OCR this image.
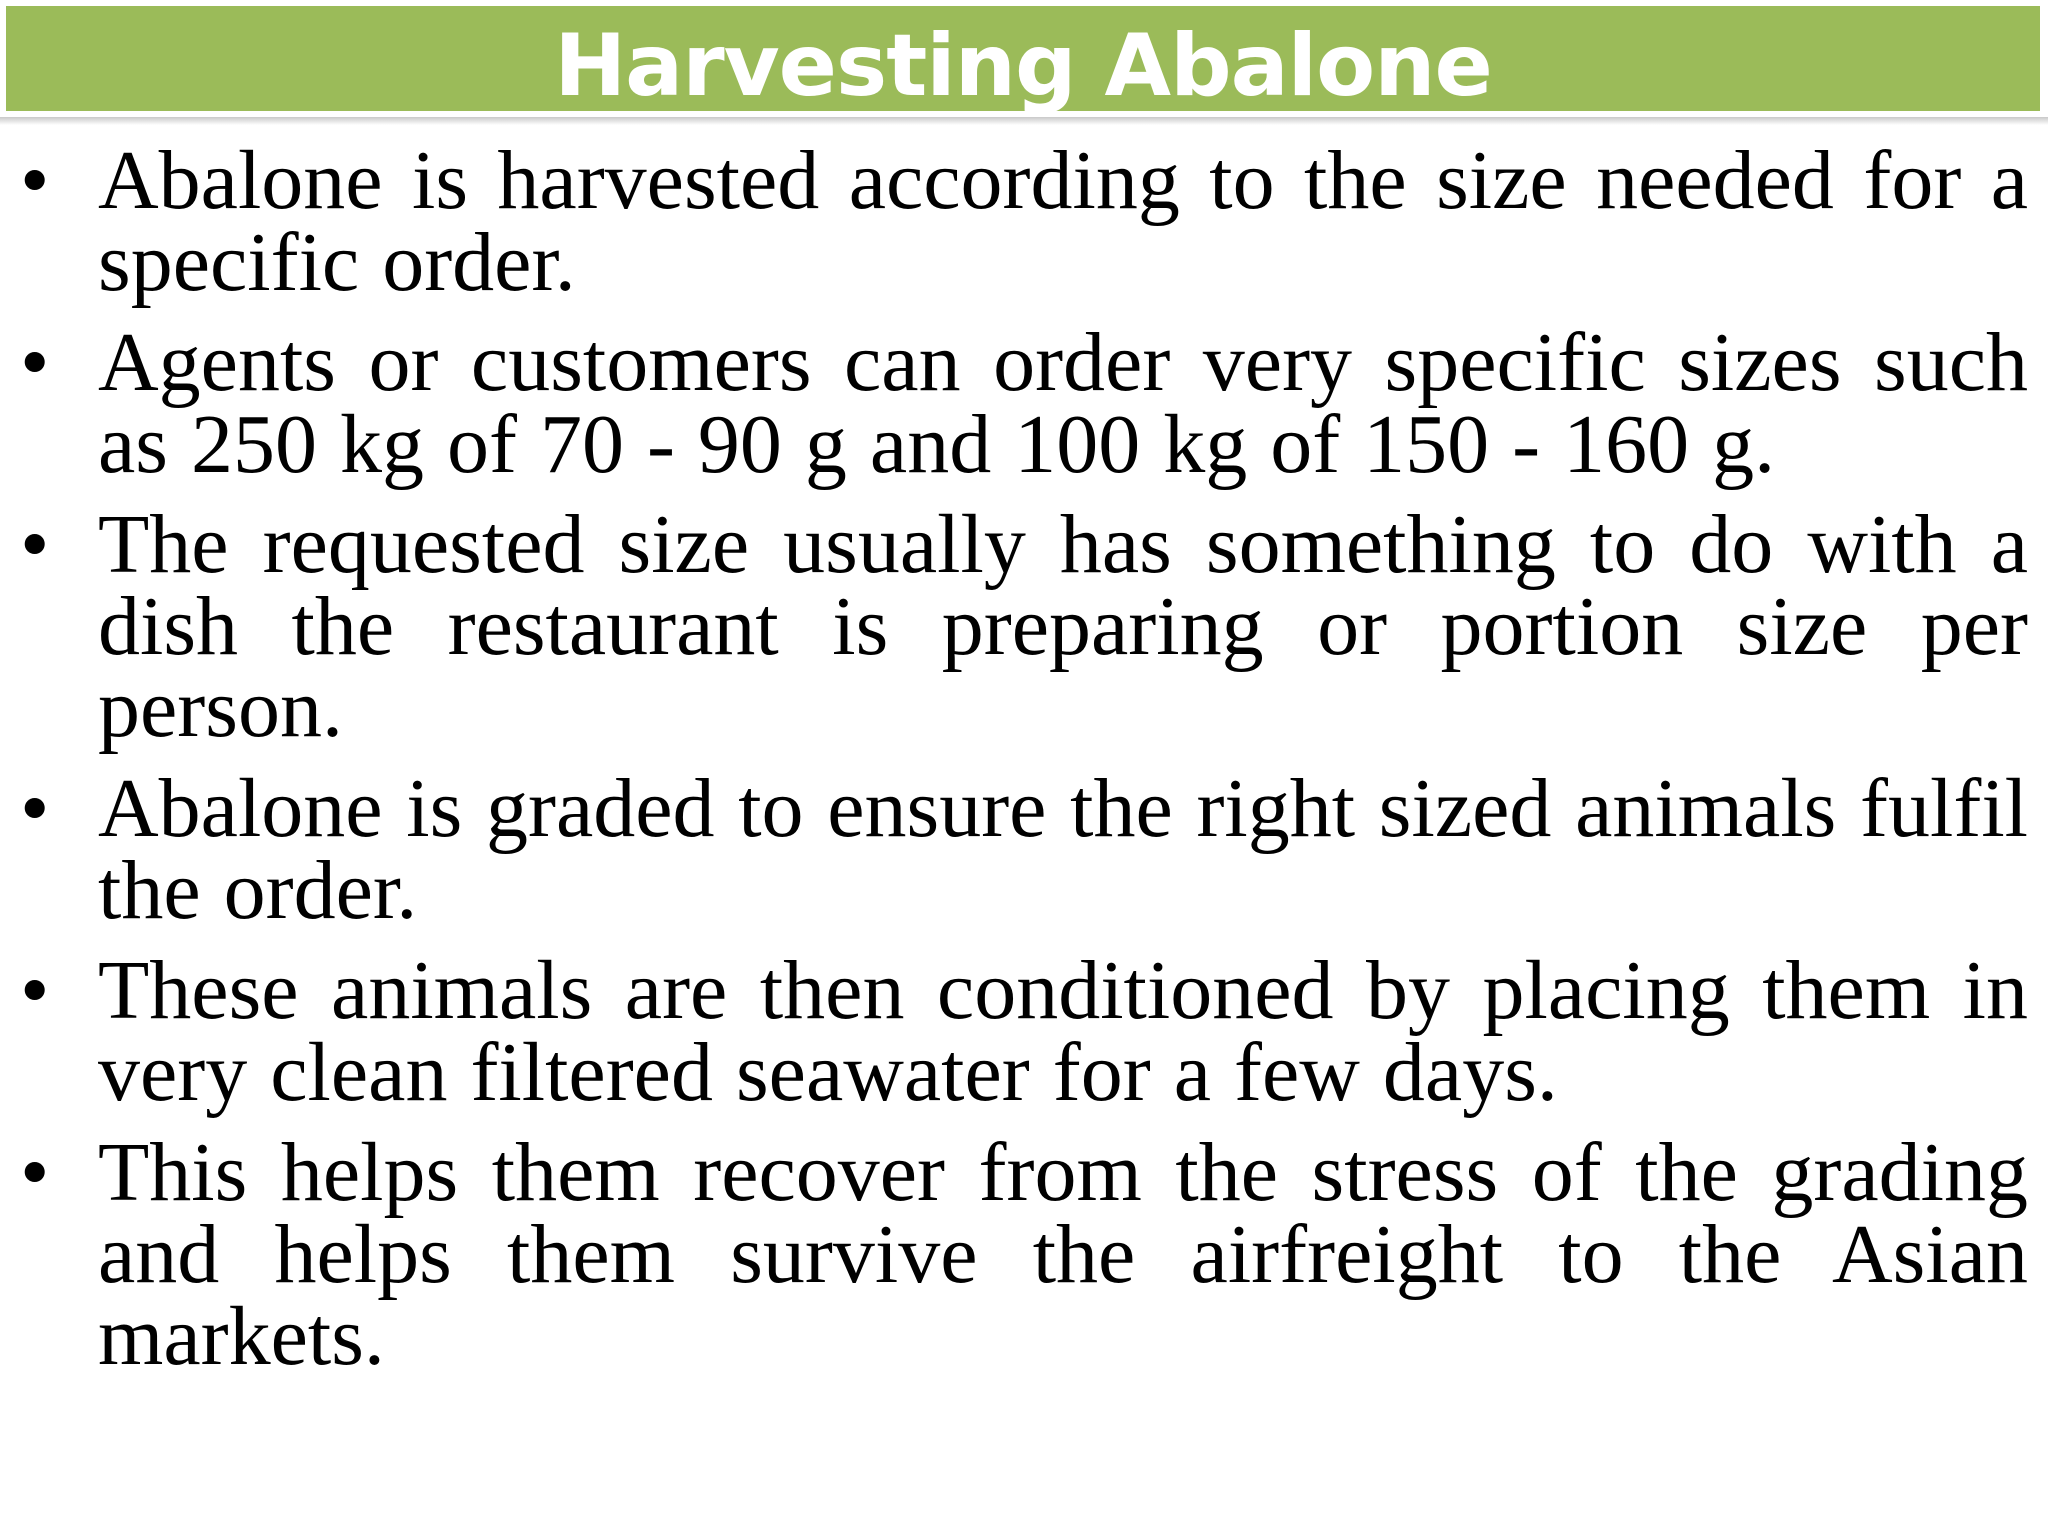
Harvesting Abalone
• Abalone is harvested according to the size needed for a specific order.
• Agents or customers can order very specific sizes such as 250 kg of 70 - 90 g and 100 kg of 150 - 160 g.
• The requested size usually has something to do with a dish the restaurant is preparing or portion size per person.
• Abalone is graded to ensure the right sized animals fulfil the order.
• These animals are then conditioned by placing them in very clean filtered seawater for a few days.
• This helps them recover from the stress of the grading and helps them survive the airfreight to the Asian markets.
